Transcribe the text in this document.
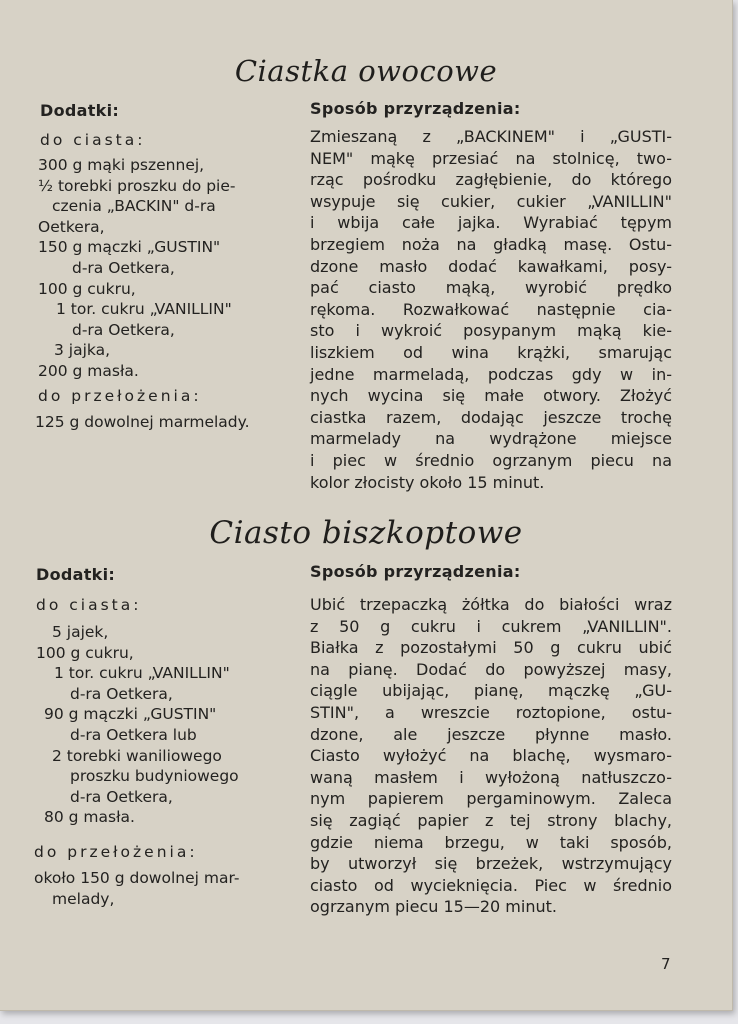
Ciastka owocowe
Dodatki:
do ciasta:
300 g mąki pszennej,
½ torebki proszku do pie-
czenia „BACKIN" d-ra
Oetkera,
150 g mączki „GUSTIN"
d-ra Oetkera,
100 g cukru,
1 tor. cukru „VANILLIN"
d-ra Oetkera,
3 jajka,
200 g masła.
do przełożenia:
125 g dowolnej marmelady.
Sposób przyrządzenia:
Zmieszaną z „BACKINEM" i „GUSTI-
NEM" mąkę przesiać na stolnicę, two-
rząc pośrodku zagłębienie, do którego
wsypuje się cukier, cukier „VANILLIN"
i wbija całe jajka. Wyrabiać tępym
brzegiem noża na gładką masę. Ostu-
dzone masło dodać kawałkami, posy-
pać ciasto mąką, wyrobić prędko
rękoma. Rozwałkować następnie cia-
sto i wykroić posypanym mąką kie-
liszkiem od wina krążki, smarując
jedne marmeladą, podczas gdy w in-
nych wycina się małe otwory. Złożyć
ciastka razem, dodając jeszcze trochę
marmelady na wydrążone miejsce
i piec w średnio ogrzanym piecu na
kolor złocisty około 15 minut.
Ciasto biszkoptowe
Dodatki:
do ciasta:
5 jajek,
100 g cukru,
1 tor. cukru „VANILLIN"
d-ra Oetkera,
90 g mączki „GUSTIN"
d-ra Oetkera lub
2 torebki waniliowego
proszku budyniowego
d-ra Oetkera,
80 g masła.
do przełożenia:
około 150 g dowolnej mar-
melady,
Sposób przyrządzenia:
Ubić trzepaczką żółtka do białości wraz
z 50 g cukru i cukrem „VANILLIN".
Białka z pozostałymi 50 g cukru ubić
na pianę. Dodać do powyższej masy,
ciągle ubijając, pianę, mączkę „GU-
STIN", a wreszcie roztopione, ostu-
dzone, ale jeszcze płynne masło.
Ciasto wyłożyć na blachę, wysmaro-
waną masłem i wyłożoną natłuszczo-
nym papierem pergaminowym. Zaleca
się zagiąć papier z tej strony blachy,
gdzie niema brzegu, w taki sposób,
by utworzył się brzeżek, wstrzymujący
ciasto od wycieknięcia. Piec w średnio
ogrzanym piecu 15—20 minut.
7
